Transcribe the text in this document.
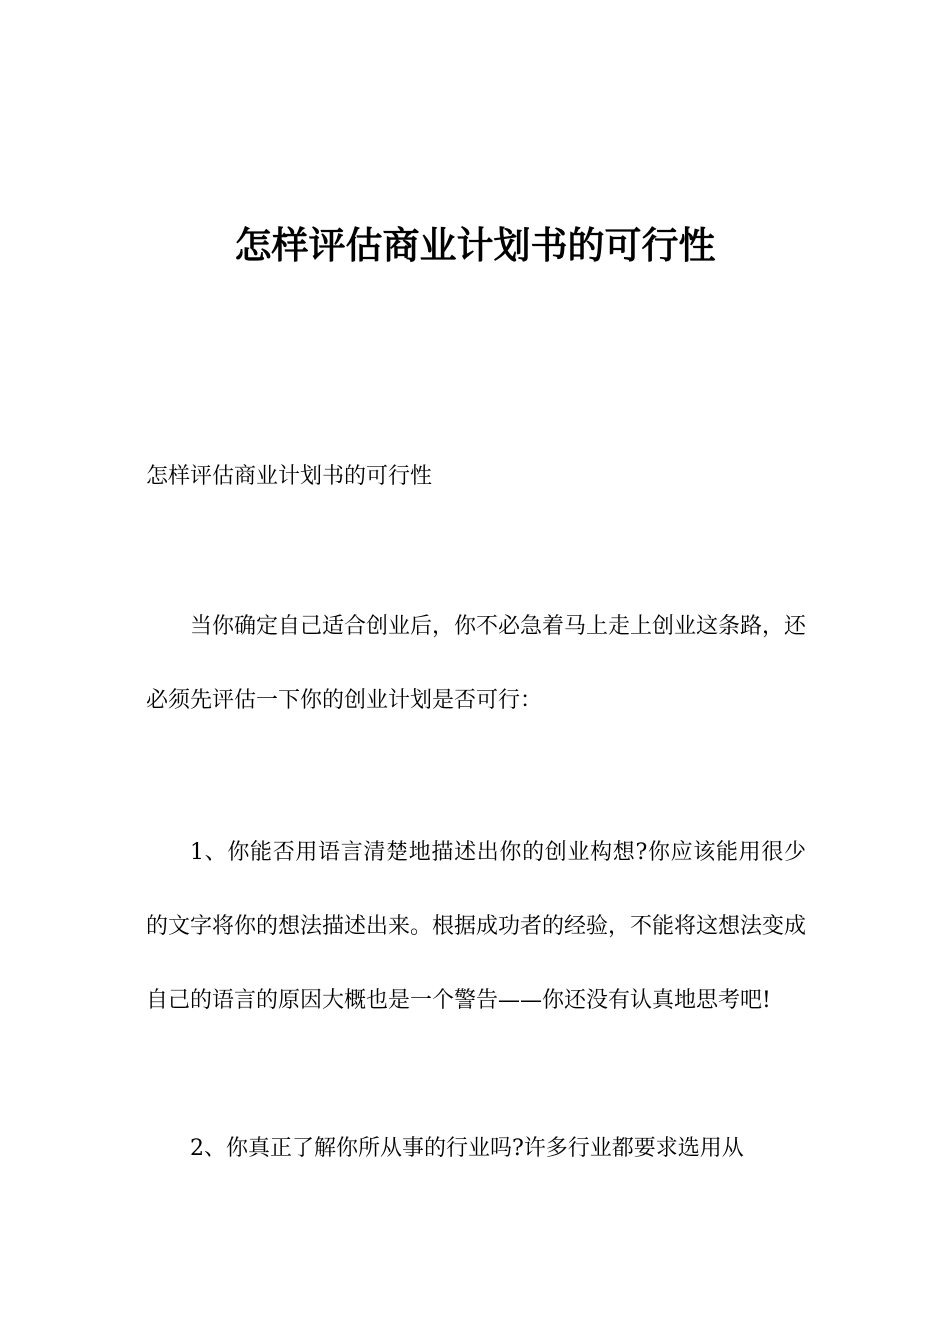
怎样评估商业计划书的可行性

怎样评估商业计划书的可行性

当你确定自己适合创业后，你不必急着马上走上创业这条路，还必须先评估一下你的创业计划是否可行：

1、你能否用语言清楚地描述出你的创业构想?你应该能用很少的文字将你的想法描述出来。根据成功者的经验，不能将这想法变成自己的语言的原因大概也是一个警告——你还没有认真地思考吧!

2、你真正了解你所从事的行业吗?许多行业都要求选用从
